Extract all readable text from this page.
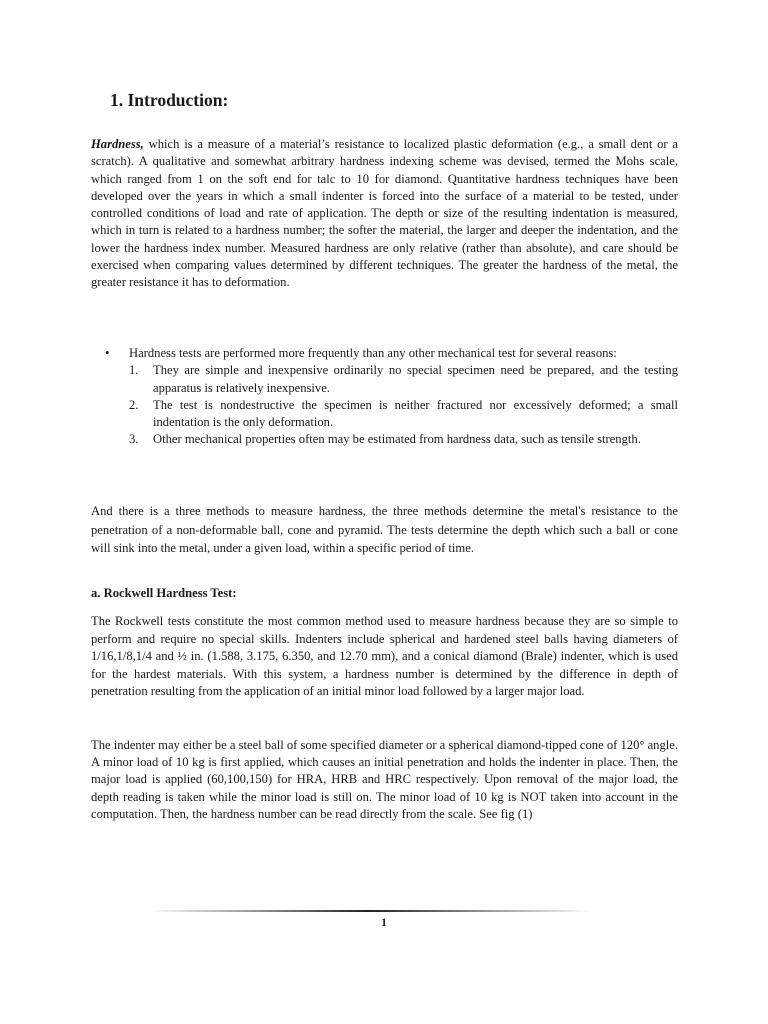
1. Introduction:

Hardness, which is a measure of a material’s resistance to localized plastic deformation (e.g., a small dent or a scratch). A qualitative and somewhat arbitrary hardness indexing scheme was devised, termed the Mohs scale, which ranged from 1 on the soft end for talc to 10 for diamond. Quantitative hardness techniques have been developed over the years in which a small indenter is forced into the surface of a material to be tested, under controlled conditions of load and rate of application. The depth or size of the resulting indentation is measured, which in turn is related to a hardness number; the softer the material, the larger and deeper the indentation, and the lower the hardness index number. Measured hardness are only relative (rather than absolute), and care should be exercised when comparing values determined by different techniques. The greater the hardness of the metal, the greater resistance it has to deformation.

•	Hardness tests are performed more frequently than any other mechanical test for several reasons:
1.	They are simple and inexpensive ordinarily no special specimen need be prepared, and the testing apparatus is relatively inexpensive.
2.	The test is nondestructive the specimen is neither fractured nor excessively deformed; a small indentation is the only deformation.
3.	Other mechanical properties often may be estimated from hardness data, such as tensile strength.

And there is a three methods to measure hardness, the three methods determine the metal's resistance to the penetration of a non-deformable ball, cone and pyramid. The tests determine the depth which such a ball or cone will sink into the metal, under a given load, within a specific period of time.

a. Rockwell Hardness Test:

The Rockwell tests constitute the most common method used to measure hardness because they are so simple to perform and require no special skills. Indenters include spherical and hardened steel balls having diameters of 1/16,1/8,1/4 and ½ in. (1.588, 3.175, 6.350, and 12.70 mm), and a conical diamond (Brale) indenter, which is used for the hardest materials. With this system, a hardness number is determined by the difference in depth of penetration resulting from the application of an initial minor load followed by a larger major load.

The indenter may either be a steel ball of some specified diameter or a spherical diamond-tipped cone of 120° angle. A minor load of 10 kg is first applied, which causes an initial penetration and holds the indenter in place. Then, the major load is applied (60,100,150) for HRA, HRB and HRC respectively. Upon removal of the major load, the depth reading is taken while the minor load is still on. The minor load of 10 kg is NOT taken into account in the computation. Then, the hardness number can be read directly from the scale. See fig (1)

1
